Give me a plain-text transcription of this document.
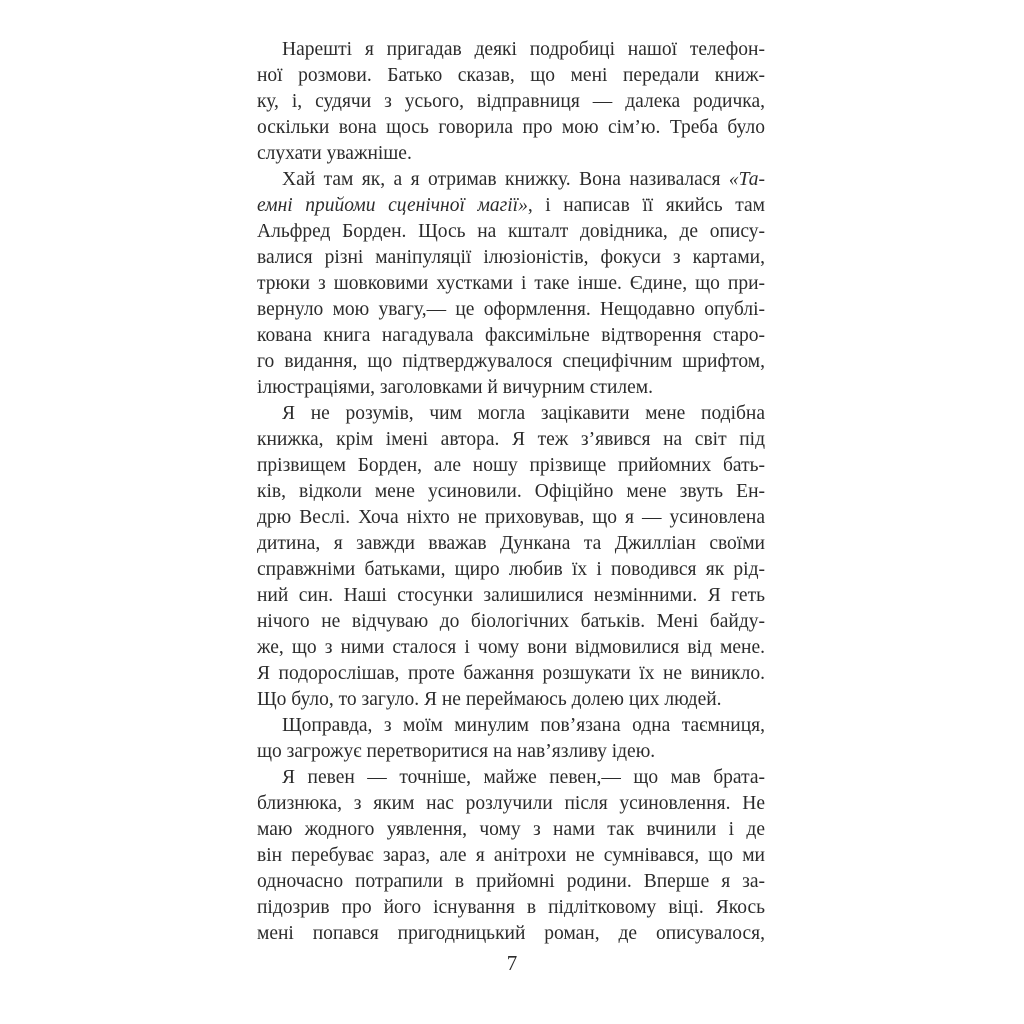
Нарешті я пригадав деякі подробиці нашої телефон-
ної розмови. Батько сказав, що мені передали книж-
ку, і, судячи з усього, відправниця — далека родичка,
оскільки вона щось говорила про мою сім’ю. Треба було
слухати уважніше.
Хай там як, а я отримав книжку. Вона називалася «Та-
емні прийоми сценічної магії», і написав її якийсь там
Альфред Борден. Щось на кшталт довідника, де опису-
валися різні маніпуляції ілюзіоністів, фокуси з картами,
трюки з шовковими хустками і таке інше. Єдине, що при-
вернуло мою увагу,— це оформлення. Нещодавно опублі-
кована книга нагадувала факсимільне відтворення старо-
го видання, що підтверджувалося специфічним шрифтом,
ілюстраціями, заголовками й вичурним стилем.
Я не розумів, чим могла зацікавити мене подібна
книжка, крім імені автора. Я теж з’явився на світ під
прізвищем Борден, але ношу прізвище прийомних бать-
ків, відколи мене усиновили. Офіційно мене звуть Ен-
дрю Веслі. Хоча ніхто не приховував, що я — усиновлена
дитина, я завжди вважав Дункана та Джилліан своїми
справжніми батьками, щиро любив їх і поводився як рід-
ний син. Наші стосунки залишилися незмінними. Я геть
нічого не відчуваю до біологічних батьків. Мені байду-
же, що з ними сталося і чому вони відмовилися від мене.
Я подорослішав, проте бажання розшукати їх не виникло.
Що було, то загуло. Я не переймаюсь долею цих людей.
Щоправда, з моїм минулим пов’язана одна таємниця,
що загрожує перетворитися на нав’язливу ідею.
Я певен — точніше, майже певен,— що мав брата-
близнюка, з яким нас розлучили після усиновлення. Не
маю жодного уявлення, чому з нами так вчинили і де
він перебуває зараз, але я анітрохи не сумнівався, що ми
одночасно потрапили в прийомні родини. Вперше я за-
підозрив про його існування в підлітковому віці. Якось
мені попався пригодницький роман, де описувалося,
7
